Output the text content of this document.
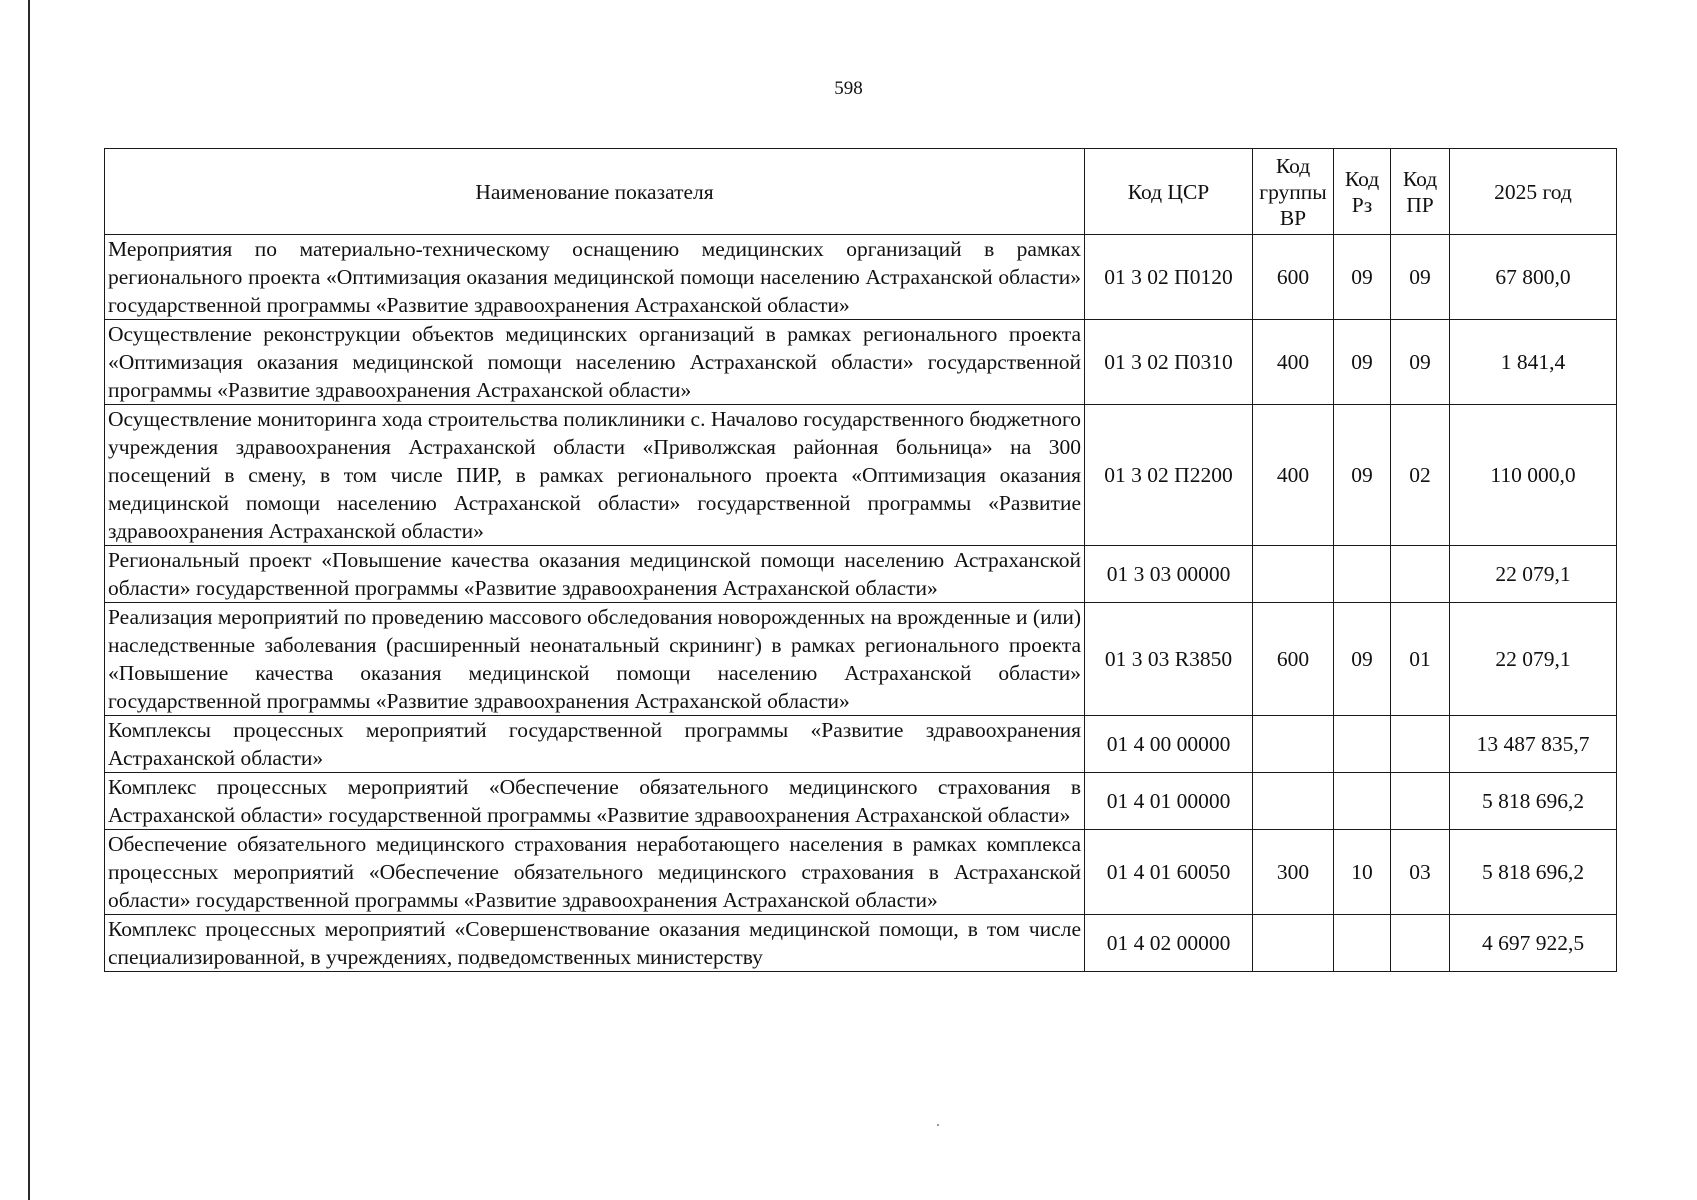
598
Наименование показателя	Код ЦСР	Код группы ВР	Код Рз	Код ПР	2025 год
Мероприятия по материально-техническому оснащению медицинских организаций в рамках регионального проекта «Оптимизация оказания медицинской помощи населению Астраханской области» государственной программы «Развитие здравоохранения Астраханской области»	01 3 02 П0120	600	09	09	67 800,0
Осуществление реконструкции объектов медицинских организаций в рамках регионального проекта «Оптимизация оказания медицинской помощи населению Астраханской области» государственной программы «Развитие здравоохранения Астраханской области»	01 3 02 П0310	400	09	09	1 841,4
Осуществление мониторинга хода строительства поликлиники с. Началово государственного бюджетного учреждения здравоохранения Астраханской области «Приволжская районная больница» на 300 посещений в смену, в том числе ПИР, в рамках регионального проекта «Оптимизация оказания медицинской помощи населению Астраханской области» государственной программы «Развитие здравоохранения Астраханской области»	01 3 02 П2200	400	09	02	110 000,0
Региональный проект «Повышение качества оказания медицинской помощи населению Астраханской области» государственной программы «Развитие здравоохранения Астраханской области»	01 3 03 00000				22 079,1
Реализация мероприятий по проведению массового обследования новорожденных на врожденные и (или) наследственные заболевания (расширенный неонатальный скрининг) в рамках регионального проекта «Повышение качества оказания медицинской помощи населению Астраханской области» государственной программы «Развитие здравоохранения Астраханской области»	01 3 03 R3850	600	09	01	22 079,1
Комплексы процессных мероприятий государственной программы «Развитие здравоохранения Астраханской области»	01 4 00 00000				13 487 835,7
Комплекс процессных мероприятий «Обеспечение обязательного медицинского страхования в Астраханской области» государственной программы «Развитие здравоохранения Астраханской области»	01 4 01 00000				5 818 696,2
Обеспечение обязательного медицинского страхования неработающего населения в рамках комплекса процессных мероприятий «Обеспечение обязательного медицинского страхования в Астраханской области» государственной программы «Развитие здравоохранения Астраханской области»	01 4 01 60050	300	10	03	5 818 696,2
Комплекс процессных мероприятий «Совершенствование оказания медицинской помощи, в том числе специализированной, в учреждениях, подведомственных министерству	01 4 02 00000				4 697 922,5
